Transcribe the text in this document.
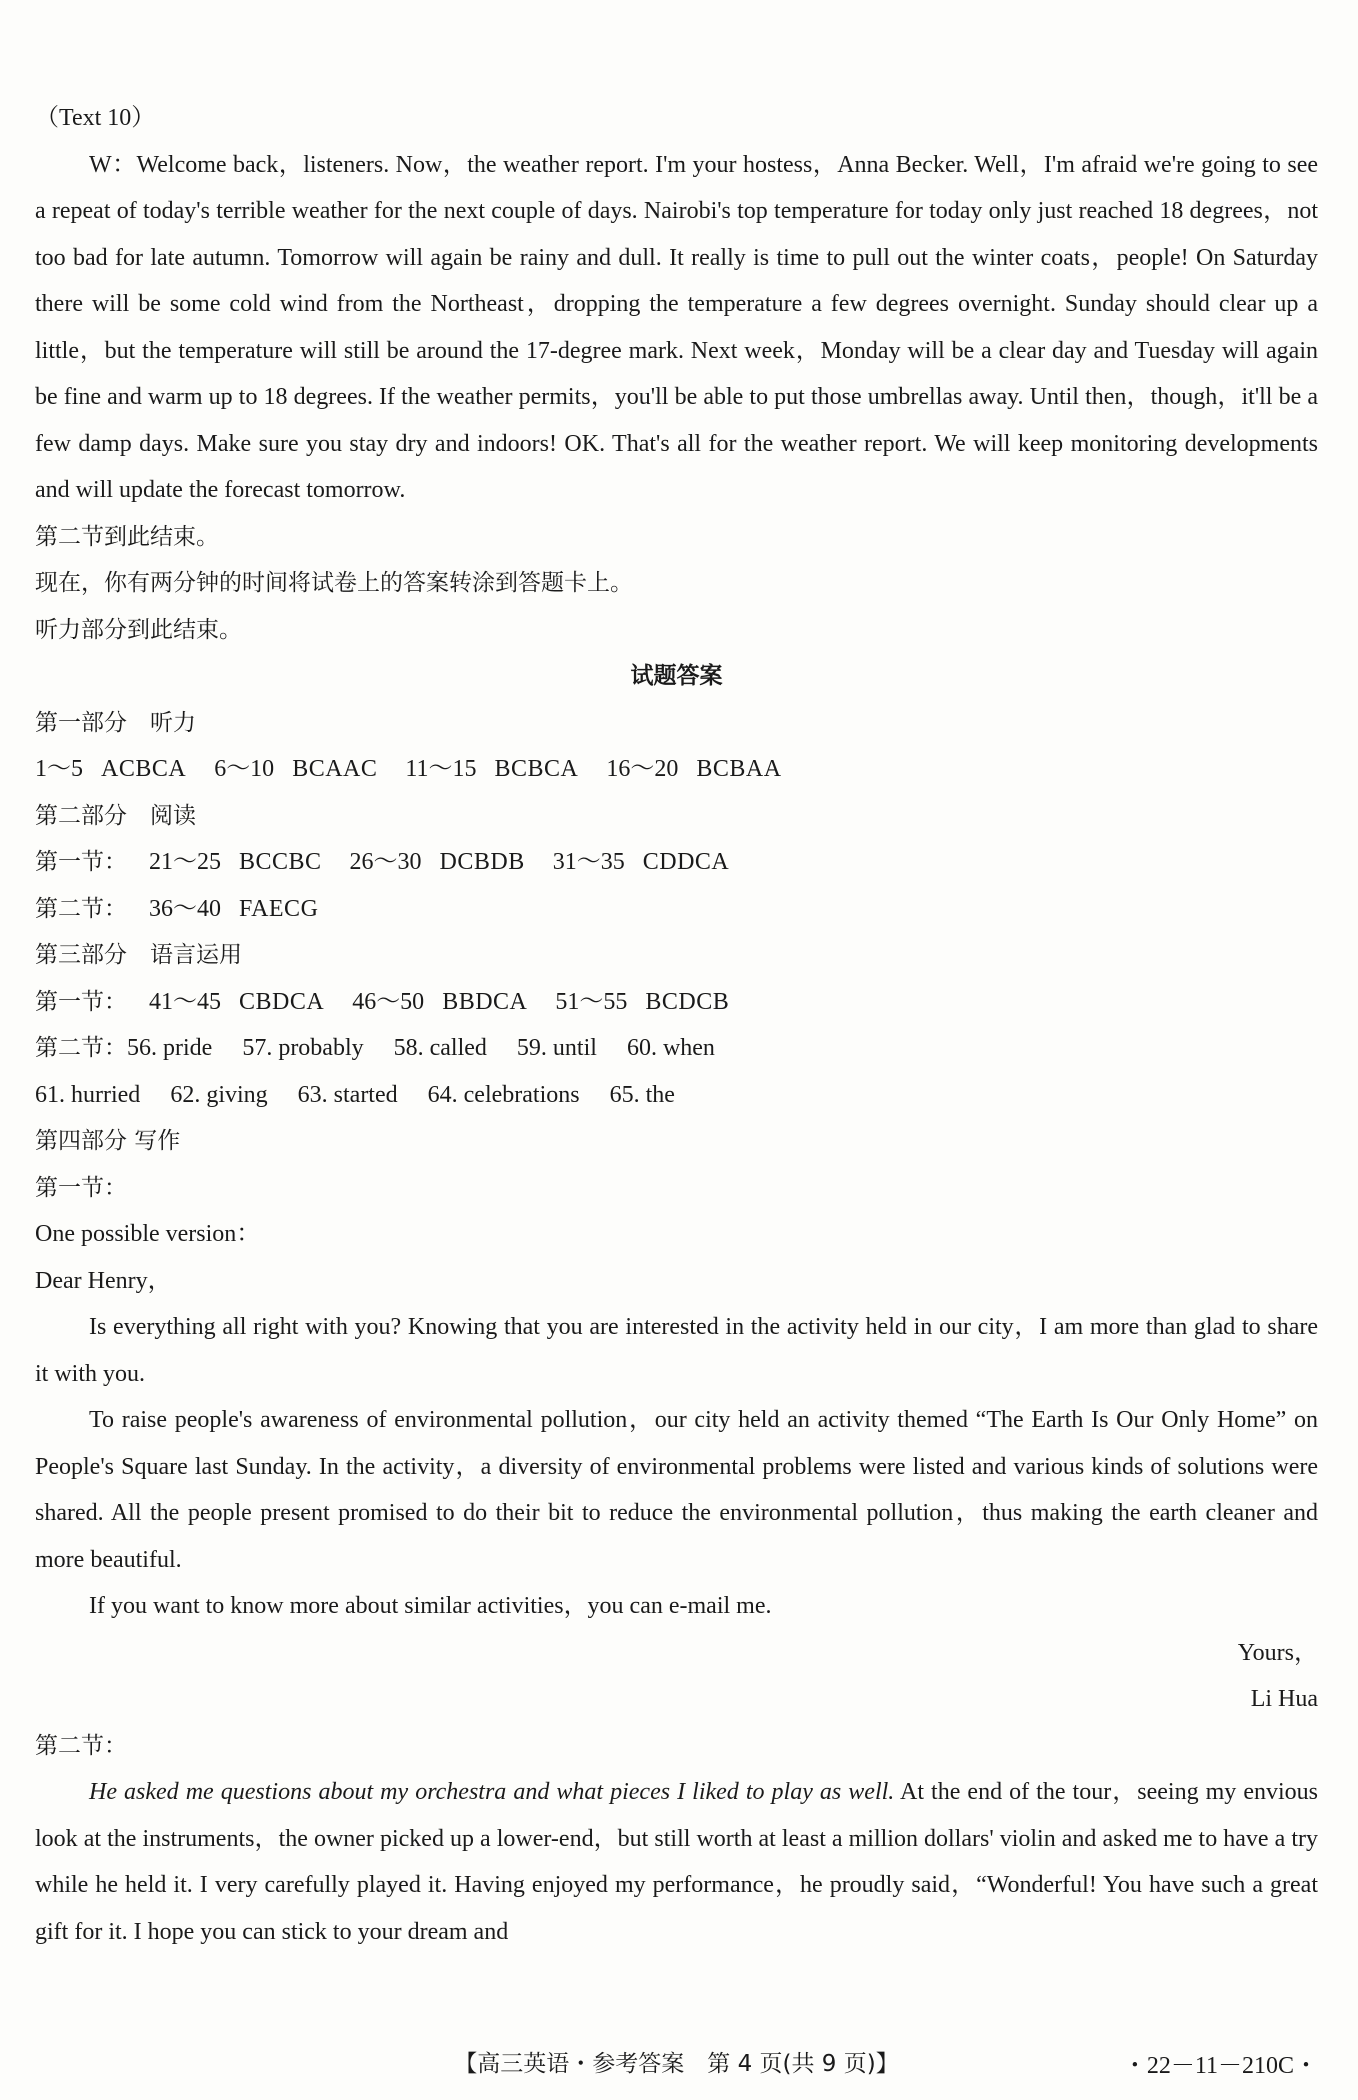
（Text 10）
W：Welcome back，listeners. Now，the weather report. I'm your hostess，Anna Becker. Well，I'm afraid we're going to see a repeat of today's terrible weather for the next couple of days. Nairobi's top temperature for today only just reached 18 degrees，not too bad for late autumn. Tomorrow will again be rainy and dull. It really is time to pull out the winter coats，people! On Saturday there will be some cold wind from the Northeast，dropping the temperature a few degrees overnight. Sunday should clear up a little，but the temperature will still be around the 17-degree mark. Next week，Monday will be a clear day and Tuesday will again be fine and warm up to 18 degrees. If the weather permits，you'll be able to put those umbrellas away. Until then，though，it'll be a few damp days. Make sure you stay dry and indoors! OK. That's all for the weather report. We will keep monitoring developments and will update the forecast tomorrow.
第二节到此结束。
现在，你有两分钟的时间将试卷上的答案转涂到答题卡上。
听力部分到此结束。
试题答案
第一部分　听力
1～5 ACBCA 6～10 BCAAC 11～15 BCBCA 16～20 BCBAA
第二部分　阅读
第一节： 21～25 BCCBC 26～30 DCBDB 31～35 CDDCA
第二节： 36～40 FAECG
第三部分　语言运用
第一节： 41～45 CBDCA 46～50 BBDCA 51～55 BCDCB
第二节：56. pride 57. probably 58. called 59. until 60. when
61. hurried 62. giving 63. started 64. celebrations 65. the
第四部分 写作
第一节：
One possible version：
Dear Henry，
Is everything all right with you? Knowing that you are interested in the activity held in our city，I am more than glad to share it with you.
To raise people's awareness of environmental pollution，our city held an activity themed “The Earth Is Our Only Home” on People's Square last Sunday. In the activity，a diversity of environmental problems were listed and various kinds of solutions were shared. All the people present promised to do their bit to reduce the environmental pollution，thus making the earth cleaner and more beautiful.
If you want to know more about similar activities，you can e-mail me.
Yours，
Li Hua
第二节：
He asked me questions about my orchestra and what pieces I liked to play as well. At the end of the tour，seeing my envious look at the instruments，the owner picked up a lower-end，but still worth at least a million dollars' violin and asked me to have a try while he held it. I very carefully played it. Having enjoyed my performance，he proudly said，“Wonderful! You have such a great gift for it. I hope you can stick to your dream and
【高三英语・参考答案　第 4 页(共 9 页)】	・22－11－210C・
